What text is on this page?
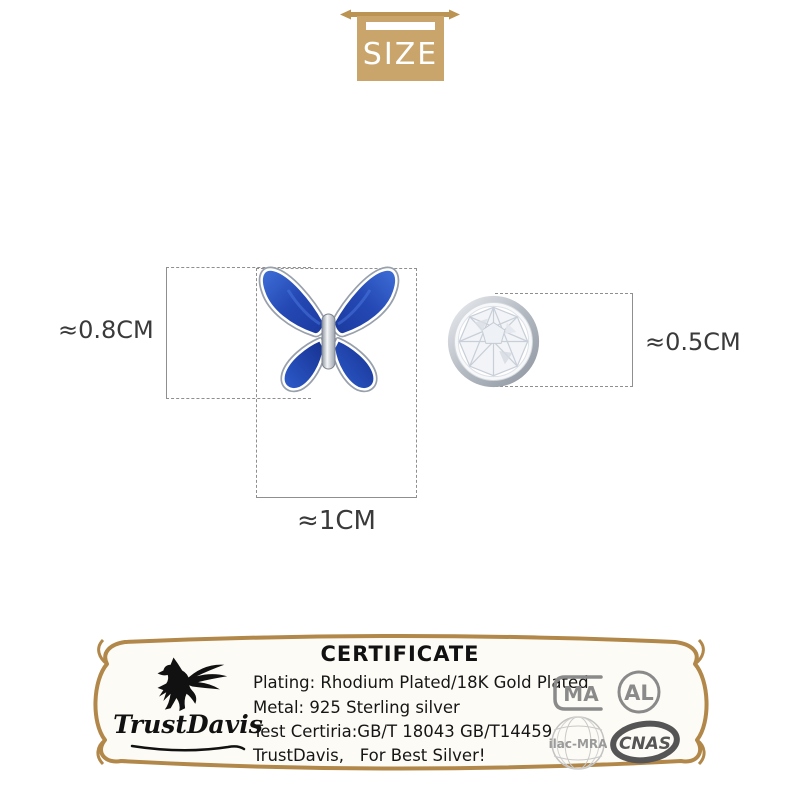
SIZE
≈0.8CM	≈0.5CM
≈1CM
CERTIFICATE
Plating: Rhodium Plated/18K Gold Plated
Metal: 925 Sterling silver
Test Certiria:GB/T 18043 GB/T14459
TrustDavis,   For Best Silver!
TrustDavis
MA AL
ilac-MRA CNAS
